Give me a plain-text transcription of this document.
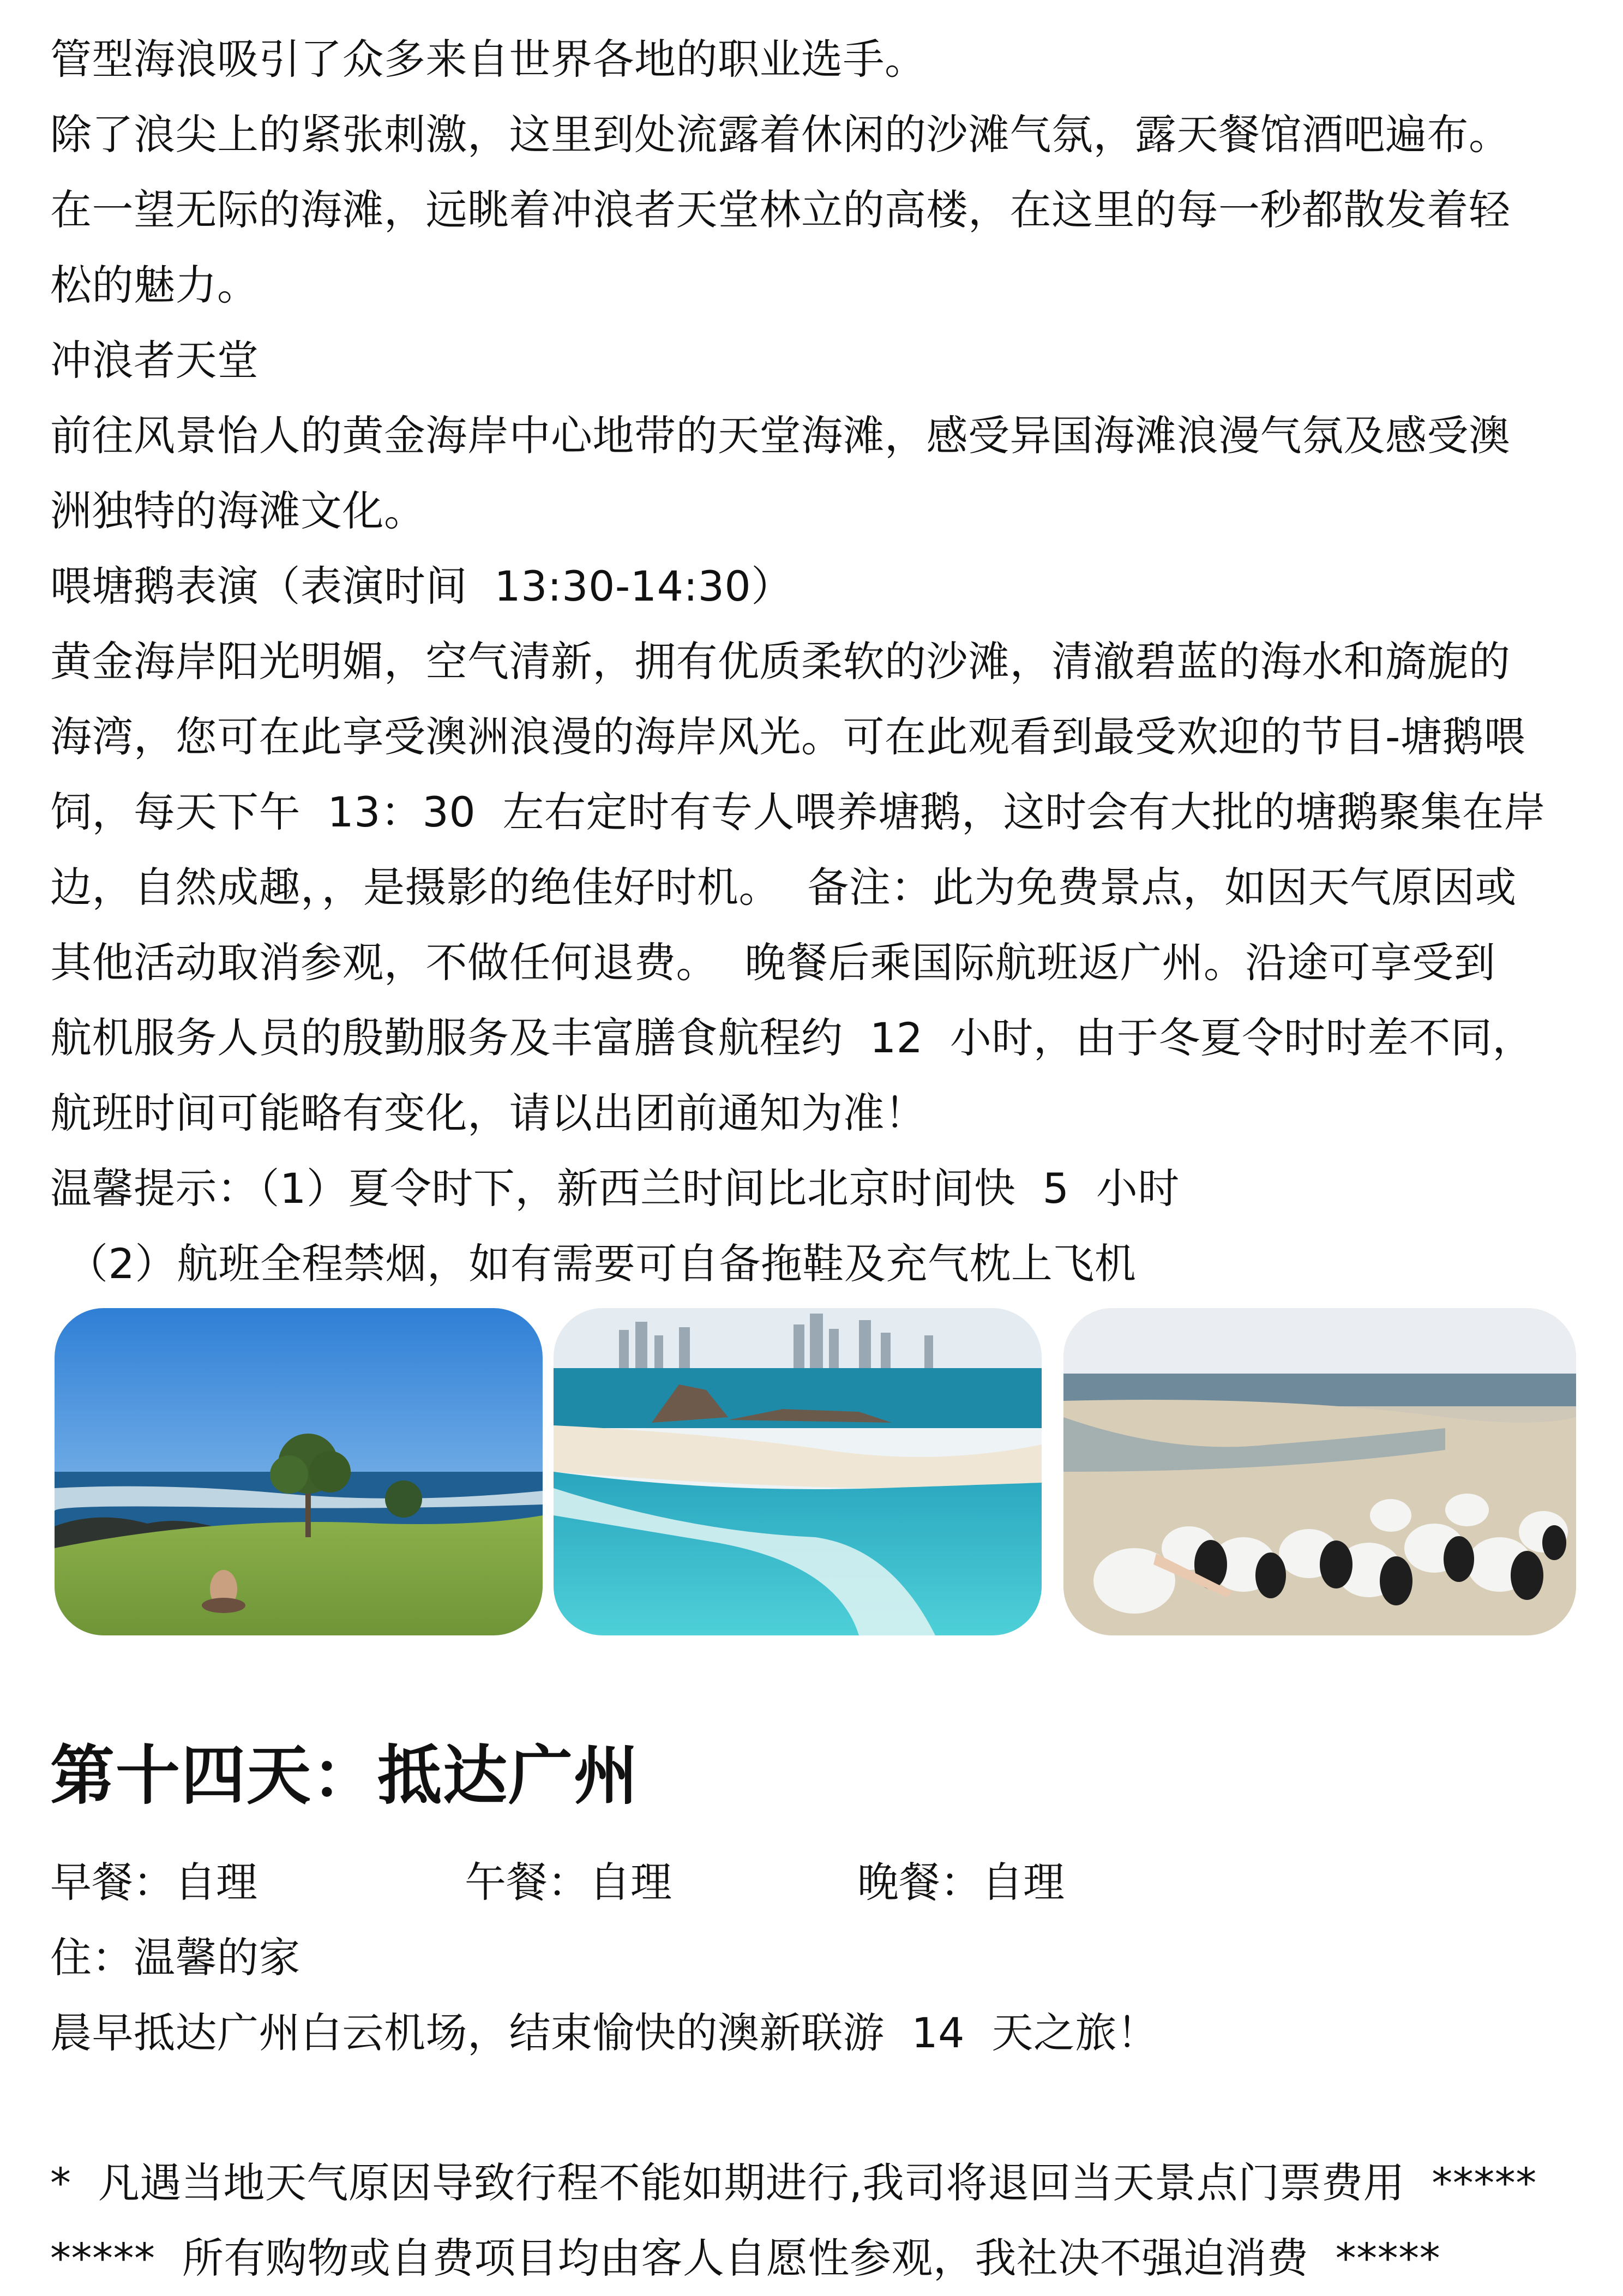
管型海浪吸引了众多来自世界各地的职业选手。
除了浪尖上的紧张刺激，这里到处流露着休闲的沙滩气氛，露天餐馆酒吧遍布。
在一望无际的海滩，远眺着冲浪者天堂林立的高楼，在这里的每一秒都散发着轻
松的魅力。
冲浪者天堂
前往风景怡人的黄金海岸中心地带的天堂海滩，感受异国海滩浪漫气氛及感受澳
洲独特的海滩文化。
喂塘鹅表演（表演时间  13:30-14:30）
黄金海岸阳光明媚，空气清新，拥有优质柔软的沙滩，清澈碧蓝的海水和旖旎的
海湾，您可在此享受澳洲浪漫的海岸风光。可在此观看到最受欢迎的节目-塘鹅喂
饲，每天下午  13：30  左右定时有专人喂养塘鹅，这时会有大批的塘鹅聚集在岸
边，自然成趣，，是摄影的绝佳好时机。  备注：此为免费景点，如因天气原因或
其他活动取消参观，不做任何退费。  晚餐后乘国际航班返广州。沿途可享受到
航机服务人员的殷勤服务及丰富膳食航程约  12  小时，由于冬夏令时时差不同，
航班时间可能略有变化，请以出团前通知为准！
温馨提示：（1）夏令时下，新西兰时间比北京时间快  5  小时
（2）航班全程禁烟，如有需要可自备拖鞋及充气枕上飞机
第十四天：抵达广州
早餐：自理	午餐：自理	晚餐：自理
住：温馨的家
晨早抵达广州白云机场，结束愉快的澳新联游  14  天之旅！
*  凡遇当地天气原因导致行程不能如期进行,我司将退回当天景点门票费用  *****
*****  所有购物或自费项目均由客人自愿性参观，我社决不强迫消费  *****
